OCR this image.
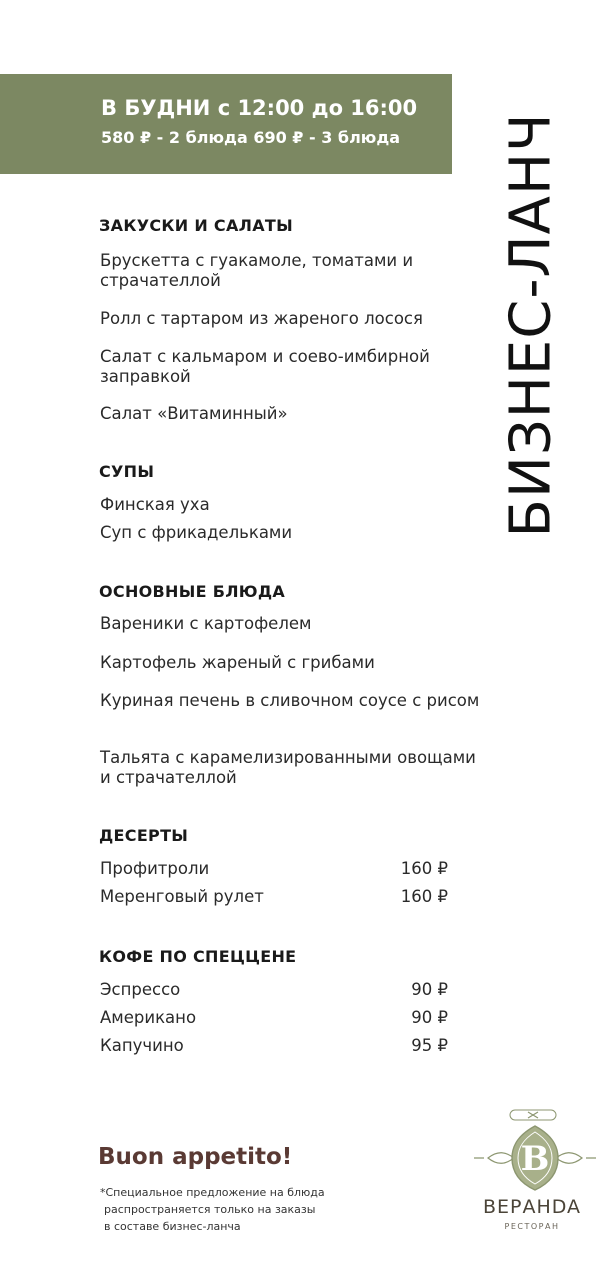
В БУДНИ с 12:00 до 16:00
580 ₽ - 2 блюда 690 ₽ - 3 блюда БИЗНЕС-ЛАНЧ
ЗАКУСКИ И САЛАТЫ
Брускетта с гуакамоле, томатами и страчателлой
Ролл с тартаром из жареного лосося
Салат с кальмаром и соево-имбирной заправкой
Салат «Витаминный»
СУПЫ
Финская уха
Суп с фрикадельками
ОСНОВНЫЕ БЛЮДА
Вареники с картофелем
Картофель жареный с грибами
Куриная печень в сливочном соусе с рисом
Тальята с карамелизированными овощами и страчателлой
ДЕСЕРТЫ
Профитроли	160 ₽
Меренговый рулет	160 ₽
КОФЕ ПО СПЕЦЦЕНЕ
Эспрессо	90 ₽
Американо	90 ₽
Капучино	95 ₽
Buon appetito!
*Специальное предложение на блюда
распространяется только на заказы
в составе бизнес-ланча
В
ВЕРАНDA
РЕСТОРАН
